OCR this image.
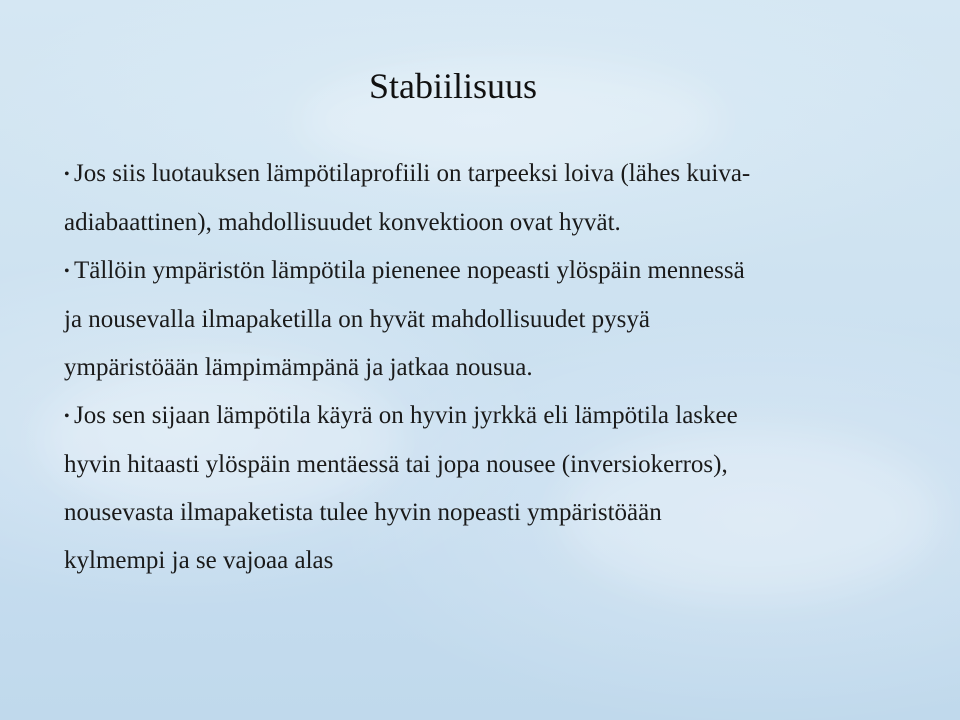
Stabiilisuus

• Jos siis luotauksen lämpötilaprofiili on tarpeeksi loiva (lähes kuiva-
adiabaattinen), mahdollisuudet konvektioon ovat hyvät.

• Tällöin ympäristön lämpötila pienenee nopeasti ylöspäin mennessä
ja nousevalla ilmapaketilla on hyvät mahdollisuudet pysyä
ympäristöään lämpimämpänä ja jatkaa nousua.

• Jos sen sijaan lämpötila käyrä on hyvin jyrkkä eli lämpötila laskee
hyvin hitaasti ylöspäin mentäessä tai jopa nousee (inversiokerros),
nousevasta ilmapaketista tulee hyvin nopeasti ympäristöään
kylmempi ja se vajoaa alas
